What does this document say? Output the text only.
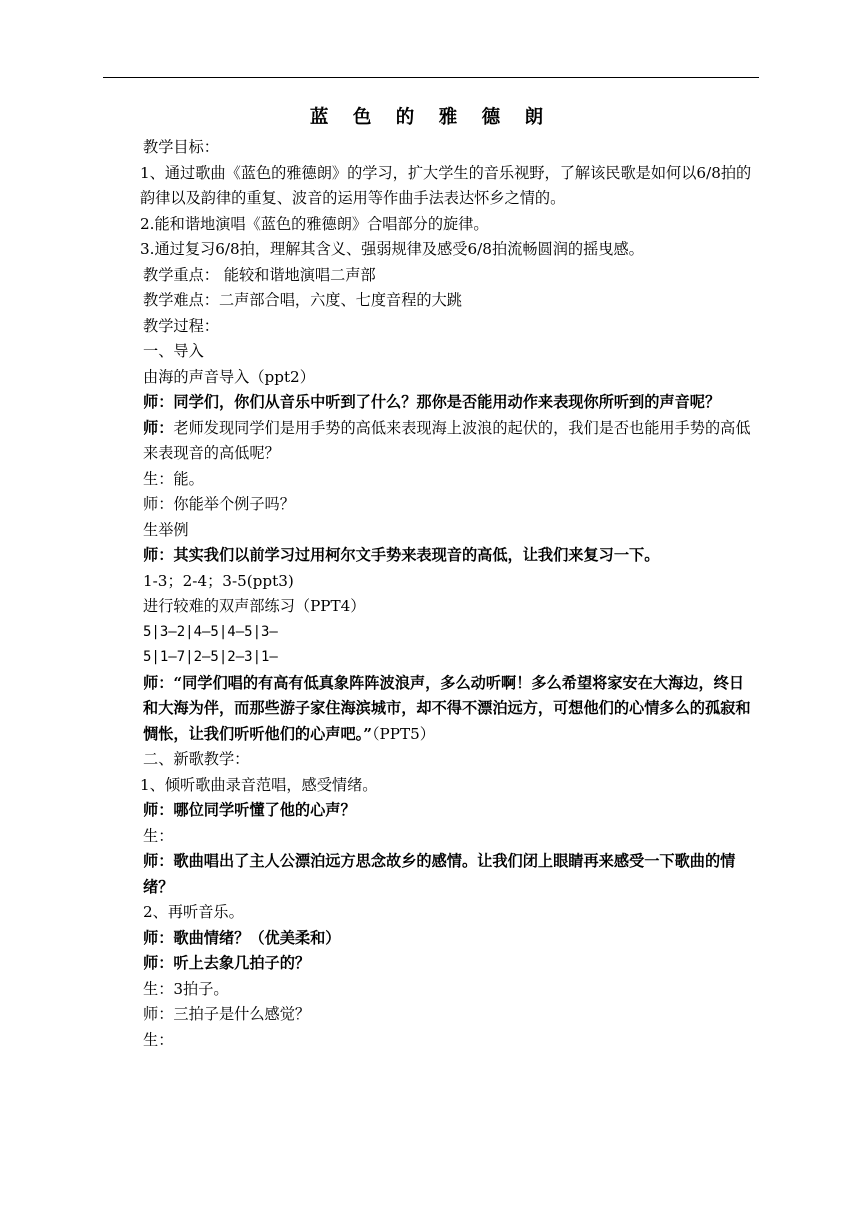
蓝 色 的 雅 德 朗
教学目标：
1、通过歌曲《蓝色的雅德朗》的学习，扩大学生的音乐视野，了解该民歌是如何以6/8拍的韵律以及韵律的重复、波音的运用等作曲手法表达怀乡之情的。
2.能和谐地演唱《蓝色的雅德朗》合唱部分的旋律。
3.通过复习6/8拍，理解其含义、强弱规律及感受6/8拍流畅圆润的摇曳感。
教学重点： 能较和谐地演唱二声部
教学难点：二声部合唱，六度、七度音程的大跳
教学过程：
一、导入
由海的声音导入（ppt2）
师：同学们，你们从音乐中听到了什么？那你是否能用动作来表现你所听到的声音呢？
师：老师发现同学们是用手势的高低来表现海上波浪的起伏的，我们是否也能用手势的高低来表现音的高低呢？
生：能。
师：你能举个例子吗？
生举例
师：其实我们以前学习过用柯尔文手势来表现音的高低，让我们来复习一下。
1-3；2-4；3-5(ppt3)
进行较难的双声部练习（PPT4）
5|3—2|4—5|4—5|3—
5|1—7|2—5|2—3|1—
师：“同学们唱的有高有低真象阵阵波浪声，多么动听啊！多么希望将家安在大海边，终日和大海为伴，而那些游子家住海滨城市，却不得不漂泊远方，可想他们的心情多么的孤寂和惆怅，让我们听听他们的心声吧。”（PPT5）
二、新歌教学：
1、倾听歌曲录音范唱，感受情绪。
师：哪位同学听懂了他的心声？
生：
师：歌曲唱出了主人公漂泊远方思念故乡的感情。让我们闭上眼睛再来感受一下歌曲的情绪？
2、再听音乐。
师：歌曲情绪？（优美柔和）
师：听上去象几拍子的？
生：3拍子。
师：三拍子是什么感觉？
生：
